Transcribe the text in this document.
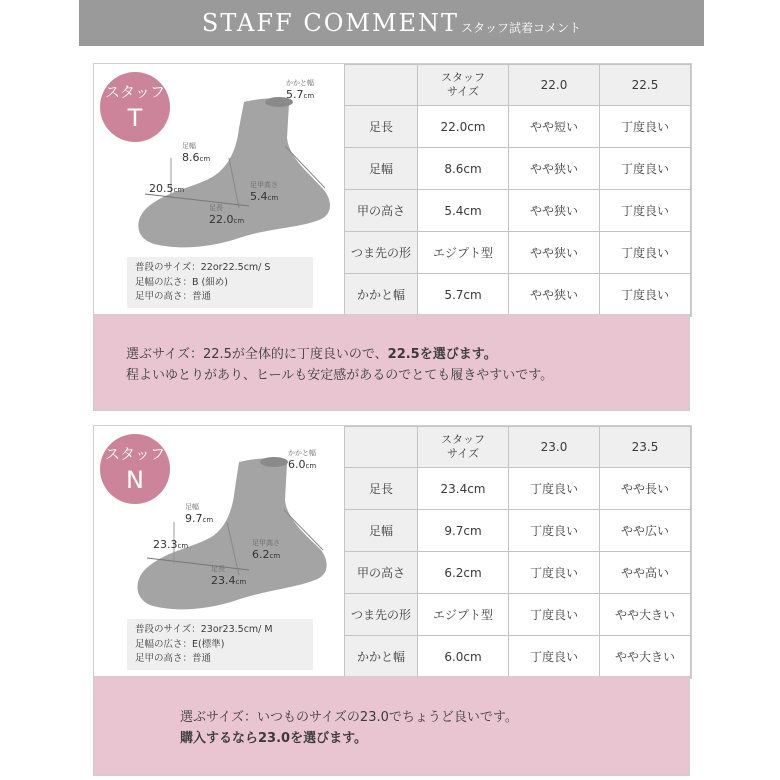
STAFF COMMENT スタッフ試着コメント
スタッフ
T
かかと幅
5.7cm
足幅
8.6cm
20.5cm
足甲高さ
5.4cm
足長
22.0cm
普段のサイズ：22or22.5cm/ S
足幅の広さ：B (細め)
足甲の高さ：普通
	スタッフ
サイズ	22.0	22.5
足長	22.0cm	やや短い	丁度良い
足幅	8.6cm	やや狭い	丁度良い
甲の高さ	5.4cm	やや狭い	丁度良い
つま先の形	エジプト型	やや狭い	丁度良い
かかと幅	5.7cm	やや狭い	丁度良い

選ぶサイズ：22.5が全体的に丁度良いので、22.5を選びます。

程よいゆとりがあり、ヒールも安定感があるのでとても履きやすいです。

スタッフ
N
かかと幅
6.0cm
足幅
9.7cm
23.3cm	足甲高さ
6.2cm
足長
23.4cm
普段のサイズ：23or23.5cm/ M
足幅の広さ：E(標準)
足甲の高さ：普通
	スタッフ
サイズ	23.0	23.5
足長	23.4cm	丁度良い	やや長い
足幅	9.7cm	丁度良い	やや広い
甲の高さ	6.2cm	丁度良い	やや高い
つま先の形	エジプト型	丁度良い	やや大きい
かかと幅	6.0cm	丁度良い	やや大きい

選ぶサイズ：いつものサイズの23.0でちょうど良いです。

購入するなら23.0を選びます。
